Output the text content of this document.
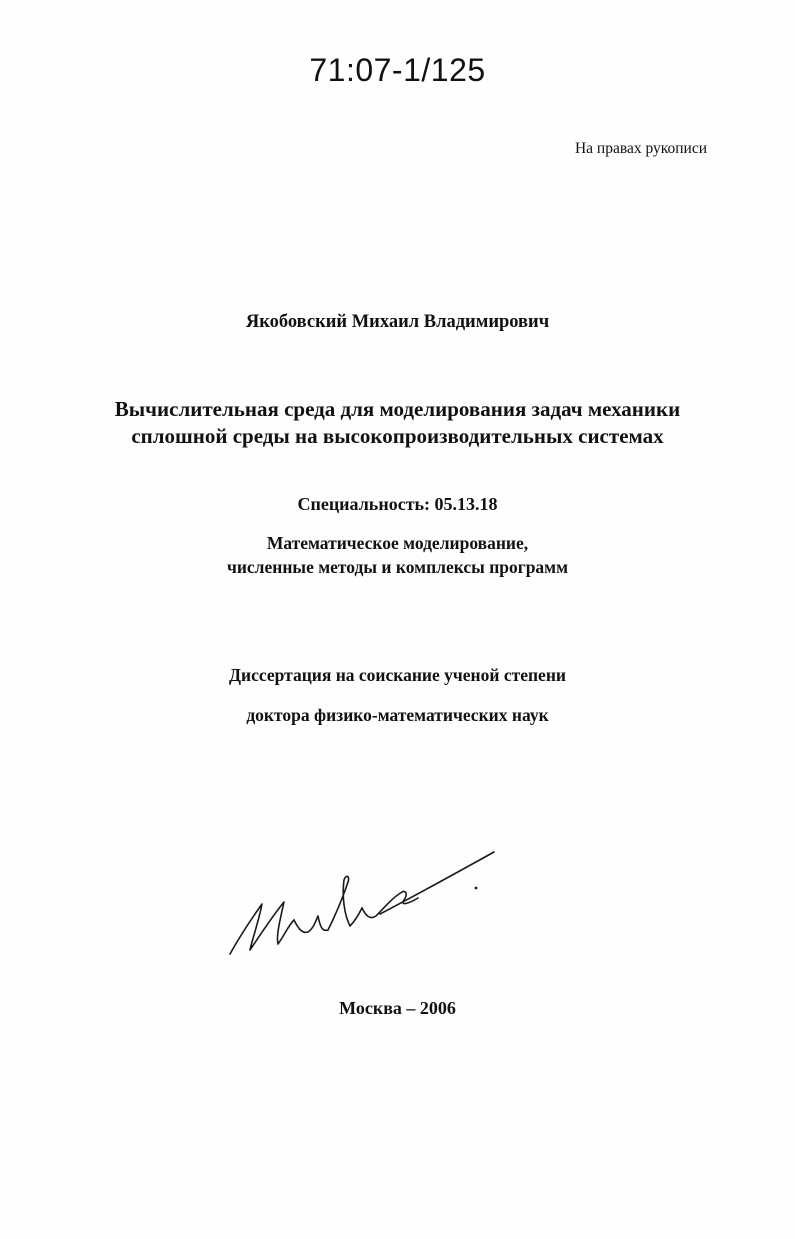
71:07-1/125
На правах рукописи
Якобовский Михаил Владимирович
Вычислительная среда для моделирования задач механики
сплошной среды на высокопроизводительных системах
Специальность: 05.13.18
Математическое моделирование,
численные методы и комплексы программ
Диссертация на соискание ученой степени
доктора физико-математических наук
Москва – 2006
